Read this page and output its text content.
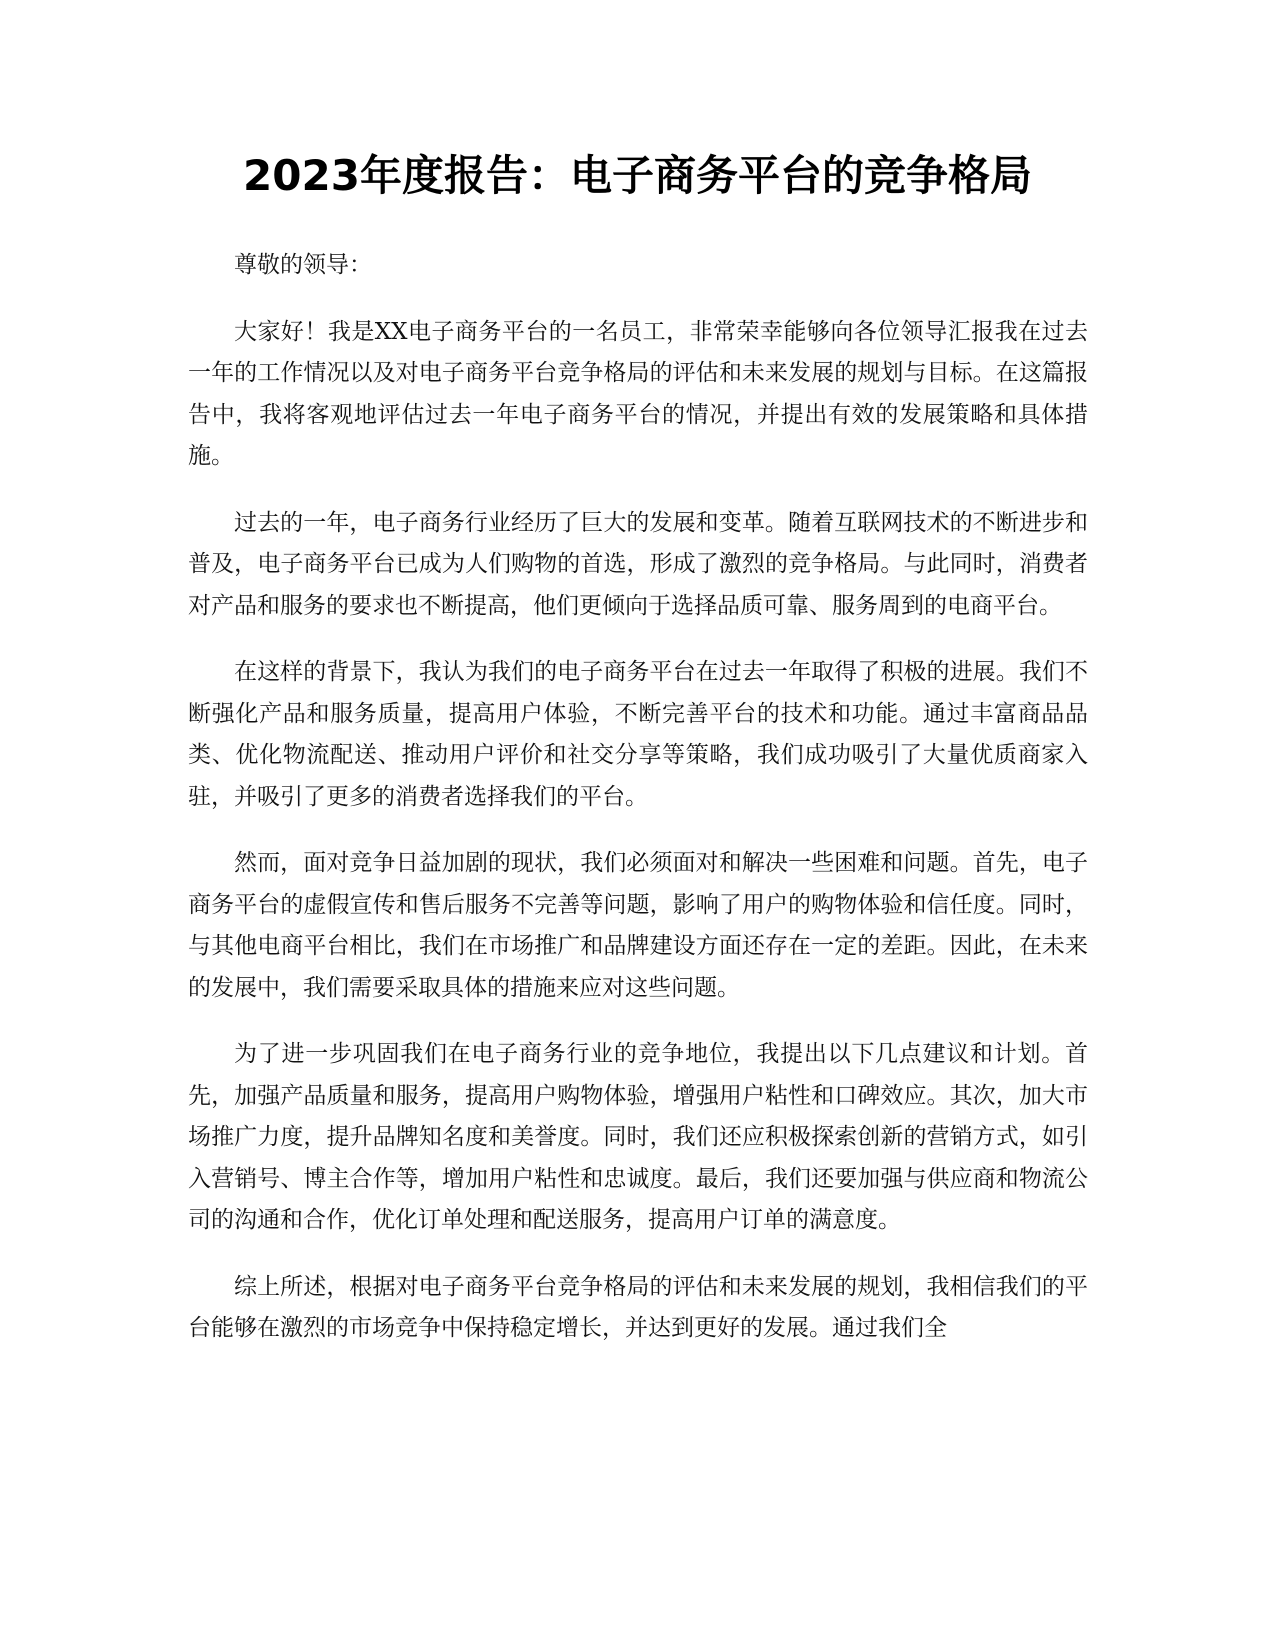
2023年度报告：电子商务平台的竞争格局

尊敬的领导：

大家好！我是XX电子商务平台的一名员工，非常荣幸能够向各位领导汇报我在过去一年的工作情况以及对电子商务平台竞争格局的评估和未来发展的规划与目标。在这篇报告中，我将客观地评估过去一年电子商务平台的情况，并提出有效的发展策略和具体措施。

过去的一年，电子商务行业经历了巨大的发展和变革。随着互联网技术的不断进步和普及，电子商务平台已成为人们购物的首选，形成了激烈的竞争格局。与此同时，消费者对产品和服务的要求也不断提高，他们更倾向于选择品质可靠、服务周到的电商平台。

在这样的背景下，我认为我们的电子商务平台在过去一年取得了积极的进展。我们不断强化产品和服务质量，提高用户体验，不断完善平台的技术和功能。通过丰富商品品类、优化物流配送、推动用户评价和社交分享等策略，我们成功吸引了大量优质商家入驻，并吸引了更多的消费者选择我们的平台。

然而，面对竞争日益加剧的现状，我们必须面对和解决一些困难和问题。首先，电子商务平台的虚假宣传和售后服务不完善等问题，影响了用户的购物体验和信任度。同时，与其他电商平台相比，我们在市场推广和品牌建设方面还存在一定的差距。因此，在未来的发展中，我们需要采取具体的措施来应对这些问题。

为了进一步巩固我们在电子商务行业的竞争地位，我提出以下几点建议和计划。首先，加强产品质量和服务，提高用户购物体验，增强用户粘性和口碑效应。其次，加大市场推广力度，提升品牌知名度和美誉度。同时，我们还应积极探索创新的营销方式，如引入营销号、博主合作等，增加用户粘性和忠诚度。最后，我们还要加强与供应商和物流公司的沟通和合作，优化订单处理和配送服务，提高用户订单的满意度。

综上所述，根据对电子商务平台竞争格局的评估和未来发展的规划，我相信我们的平台能够在激烈的市场竞争中保持稳定增长，并达到更好的发展。通过我们全
